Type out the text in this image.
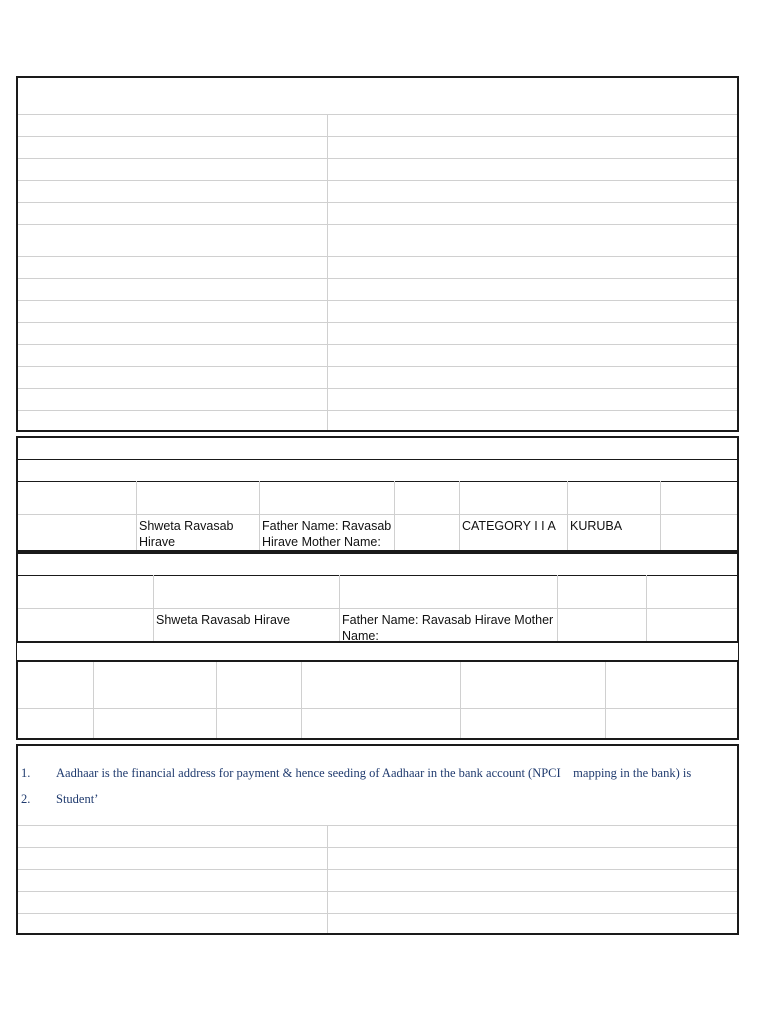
Shweta Ravasab Hirave
Father Name: Ravasab Hirave Mother Name:
CATEGORY I I A	KURUBA
Shweta Ravasab Hirave	Father Name: Ravasab Hirave Mother Name:
1. Aadhaar is the financial address for payment & hence seeding of Aadhaar in the bank account (NPCI    mapping in the bank) is
2. Student’
